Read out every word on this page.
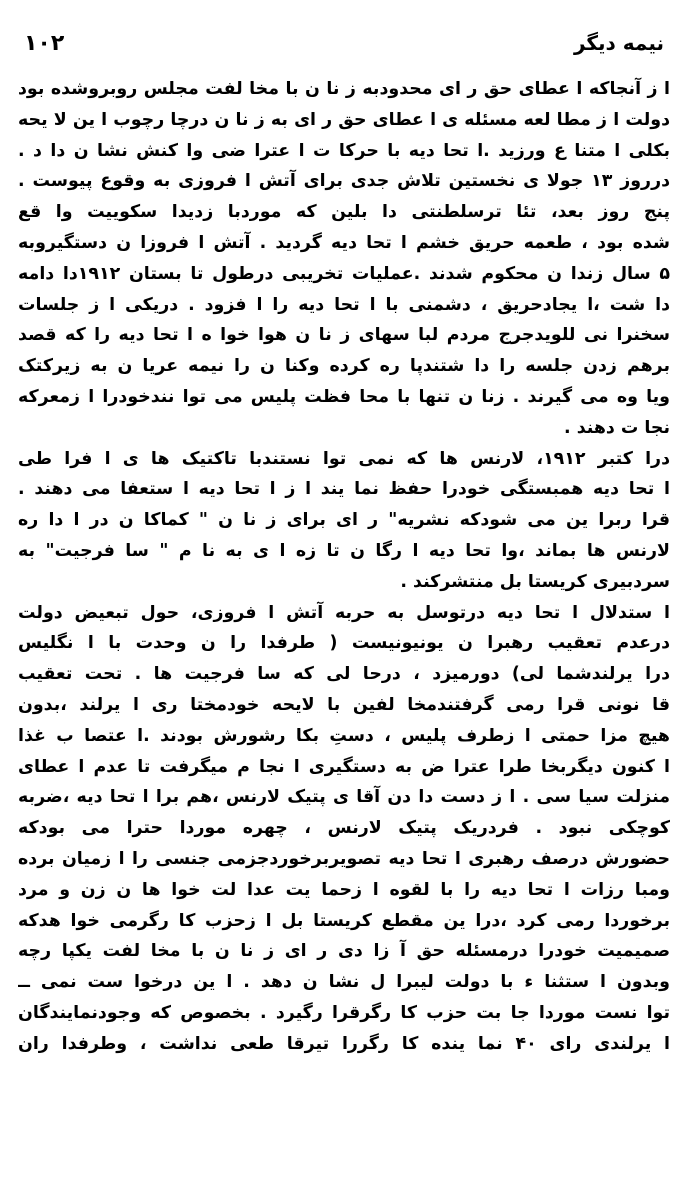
نیمه دیگر
۱۰۲
ا ز آنجاکه ا عطای حق ر ای محدودبه ز نا ن با مخا لفت مجلس روبروشده بود
دولت ا ز مطا لعه مسئله ی ا عطای حق ر ای به ز نا ن درچا رچوب ا ین لا یحه
بکلی ا متنا ع ورزید .ا تحا دیه با حرکا ت ا عترا ضی وا کنش نشا ن دا د .
درروز ۱۳ جولا ی نخستین تلاش جدی برای آتش ا فروزی به وقوع پیوست .
پنج روز بعد، تئا ترسلطنتی دا بلین که موردبا زدیدا سکوییت وا قع
شده بود ، طعمه حریق خشم ا تحا دیه گردید . آتش ا فروزا ن دستگیروبه
۵ سال زندا ن محکوم شدند .عملیات تخریبی درطول تا بستان ۱۹۱۲دا دامه
دا شت ،ا یجادحریق ، دشمنی با ا تحا دیه را ا فزود . دریکی ا ز جلسات
سخنرا نی للویدجرج مردم لبا سهای ز نا ن هوا خوا ه ا تحا دیه را که قصد
برهم زدن جلسه را دا شتندپا ره کرده وکنا ن را نیمه عریا ن به زیرکتک
ویا وه می گیرند . زنا ن تنها با محا فظت پلیس می توا نندخودرا ا زمعرکه
نجا ت دهند .
درا کتبر ۱۹۱۲، لارنس ها که نمی توا نستندبا تاکتیک ها ی ا فرا طی
ا تحا دیه همبستگی خودرا حفظ نما یند ا ز ا تحا دیه ا ستعفا می دهند .
قرا ربرا ین می شودکه نشریه" ر ای برای ز نا ن " کماکا ن در ا دا ره
لارنس ها بماند ،وا تحا دیه ا رگا ن تا زه ا ی به نا م " سا فرجیت" به
سردبیری کریستا بل منتشرکند .
ا ستدلال ا تحا دیه درتوسل به حربه آتش ا فروزی، حول تبعیض دولت
درعدم تعقیب رهبرا ن یونیونیست ( طرفدا را ن وحدت با ا نگلیس
درا یرلندشما لی) دورمیزد ، درحا لی که سا فرجیت ها . تحت تعقیب
قا نونی قرا رمی گرفتندمخا لفین با لایحه خودمختا ری ا یرلند ،بدون
هیچ مزا حمتی ا زطرف پلیس ، دستِ بکا رشورش بودند .ا عتصا ب غذا
ا کنون دیگربخا طرا عترا ض به دستگیری ا نجا م میگرفت تا عدم ا عطای
منزلت سیا سی . ا ز دست دا دن آقا ی پتیک لارنس ،هم برا ا تحا دیه ،ضربه
کوچکی نبود . فردریک پتیک لارنس ، چهره موردا حترا می بودکه
حضورش درصف رهبری ا تحا دیه تصویربرخوردجزمی جنسی را ا زمیان برده
ومبا رزات ا تحا دیه را با لقوه ا زحما یت عدا لت خوا ها ن زن و مرد
برخوردا رمی کرد ،درا ین مقطع کریستا بل ا زحزب کا رگرمی خوا هدکه
صمیمیت خودرا درمسئله حق آ زا دی ر ای ز نا ن با مخا لفت یکپا رچه
وبدون ا ستثنا ء با دولت لیبرا ل نشا ن دهد . ا ین درخوا ست نمی ــ
توا نست موردا جا بت حزب کا رگرقرا رگیرد . بخصوص که وجودنمایندگان
ا یرلندی رای ۴۰ نما ینده کا رگررا تیرقا طعی نداشت ، وطرفدا ران
